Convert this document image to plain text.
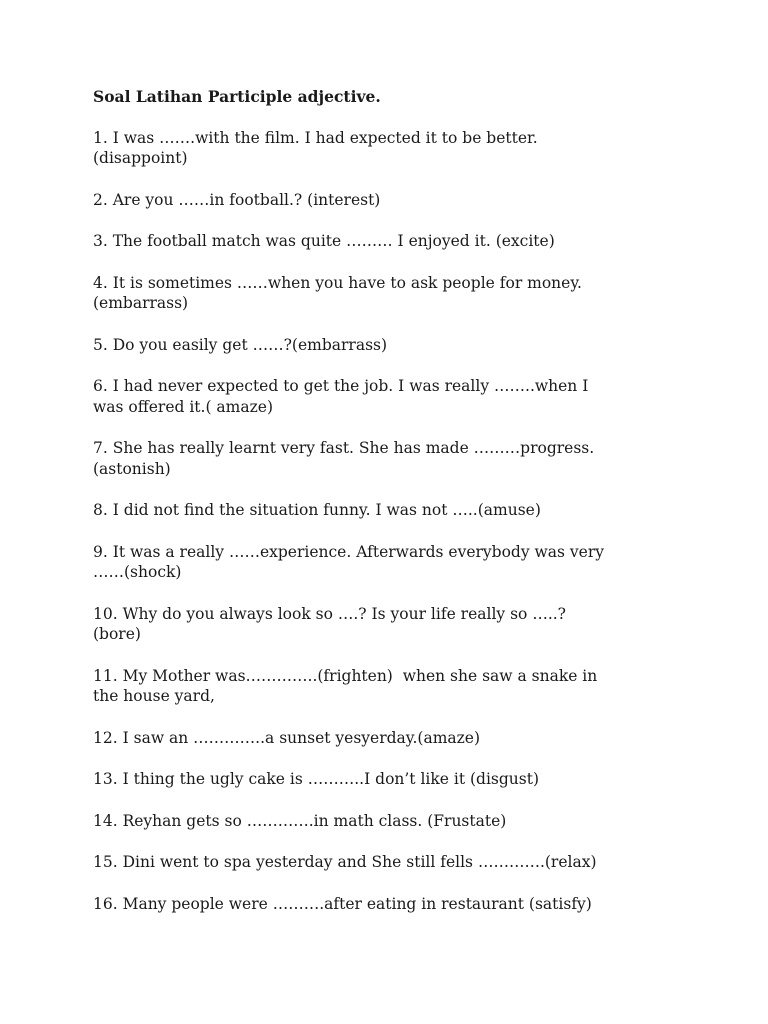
Soal Latihan Participle adjective.
1. I was …….with the film. I had expected it to be better.
(disappoint)
2. Are you ……in football.? (interest)
3. The football match was quite ……… I enjoyed it. (excite)
4. It is sometimes ……when you have to ask people for money.
(embarrass)
5. Do you easily get ……?(embarrass)
6. I had never expected to get the job. I was really ……..when I
was offered it.( amaze)
7. She has really learnt very fast. She has made ………progress.
(astonish)
8. I did not find the situation funny. I was not …..(amuse)
9. It was a really ……experience. Afterwards everybody was very
……(shock)
10. Why do you always look so ….? Is your life really so …..?
(bore)
11. My Mother was…………..(frighten)  when she saw a snake in
the house yard,
12. I saw an …………..a sunset yesyerday.(amaze)
13. I thing the ugly cake is ………..I don’t like it (disgust)
14. Reyhan gets so ………….in math class. (Frustate)
15. Dini went to spa yesterday and She still fells ………….(relax)
16. Many people were ……….after eating in restaurant (satisfy)
